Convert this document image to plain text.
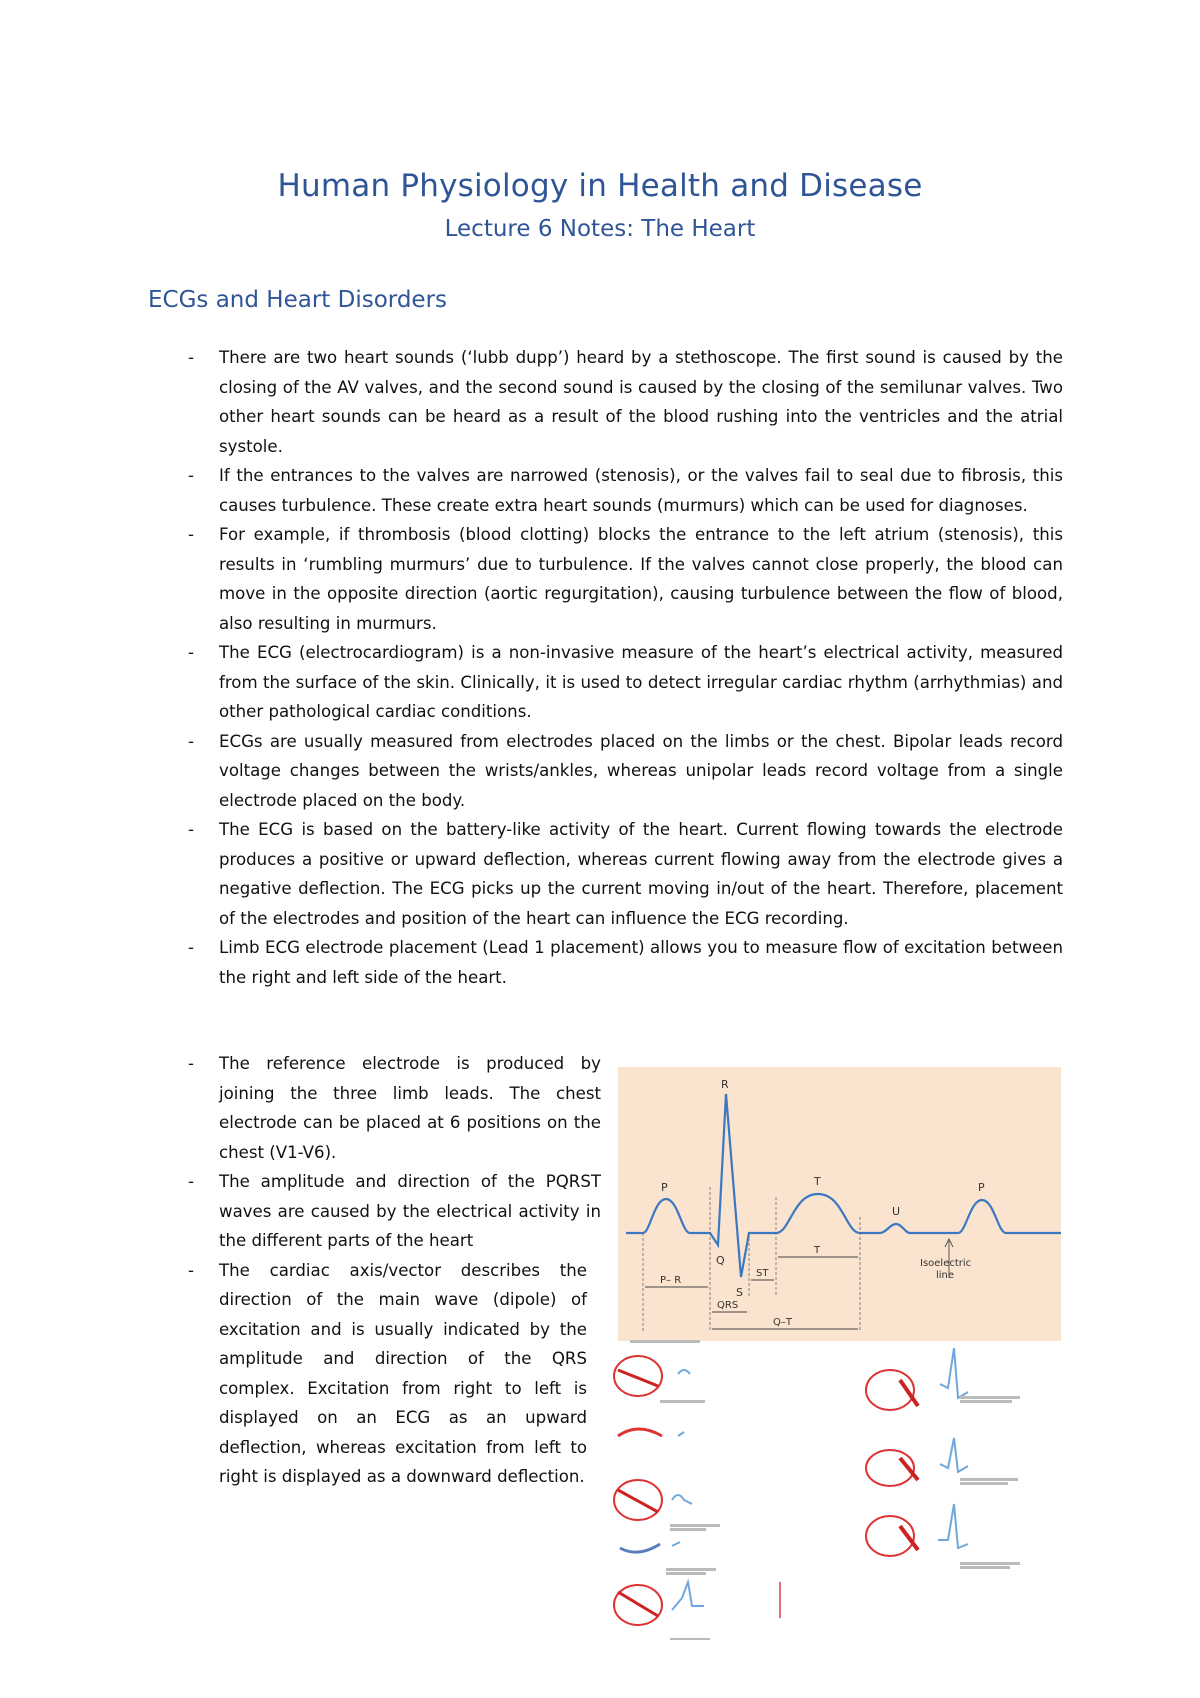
Human Physiology in Health and Disease
Lecture 6 Notes: The Heart
ECGs and Heart Disorders
- There are two heart sounds (‘lubb dupp’) heard by a stethoscope. The first sound is caused by the closing of the AV valves, and the second sound is caused by the closing of the semilunar valves. Two other heart sounds can be heard as a result of the blood rushing into the ventricles and the atrial systole.
- If the entrances to the valves are narrowed (stenosis), or the valves fail to seal due to fibrosis, this causes turbulence. These create extra heart sounds (murmurs) which can be used for diagnoses.
- For example, if thrombosis (blood clotting) blocks the entrance to the left atrium (stenosis), this results in ‘rumbling murmurs’ due to turbulence. If the valves cannot close properly, the blood can move in the opposite direction (aortic regurgitation), causing turbulence between the flow of blood, also resulting in murmurs.
- The ECG (electrocardiogram) is a non-invasive measure of the heart’s electrical activity, measured from the surface of the skin. Clinically, it is used to detect irregular cardiac rhythm (arrhythmias) and other pathological cardiac conditions.
- ECGs are usually measured from electrodes placed on the limbs or the chest. Bipolar leads record voltage changes between the wrists/ankles, whereas unipolar leads record voltage from a single electrode placed on the body.
- The ECG is based on the battery-like activity of the heart. Current flowing towards the electrode produces a positive or upward deflection, whereas current flowing away from the electrode gives a negative deflection. The ECG picks up the current moving in/out of the heart. Therefore, placement of the electrodes and position of the heart can influence the ECG recording.
- Limb ECG electrode placement (Lead 1 placement) allows you to measure flow of excitation between the right and left side of the heart.
- The reference electrode is produced by joining the three limb leads. The chest electrode can be placed at 6 positions on the chest (V1-V6).
- The amplitude and direction of the PQRST waves are caused by the electrical activity in the different parts of the heart
- The cardiac axis/vector describes the direction of the main wave (dipole) of excitation and is usually indicated by the amplitude and direction of the QRS complex. Excitation from right to left is displayed on an ECG as an upward deflection, whereas excitation from left to right is displayed as a downward deflection.
R
P	T
U
P
Q
S
ST
P– R
T
QRS
Q–T
Isoelectric
line
